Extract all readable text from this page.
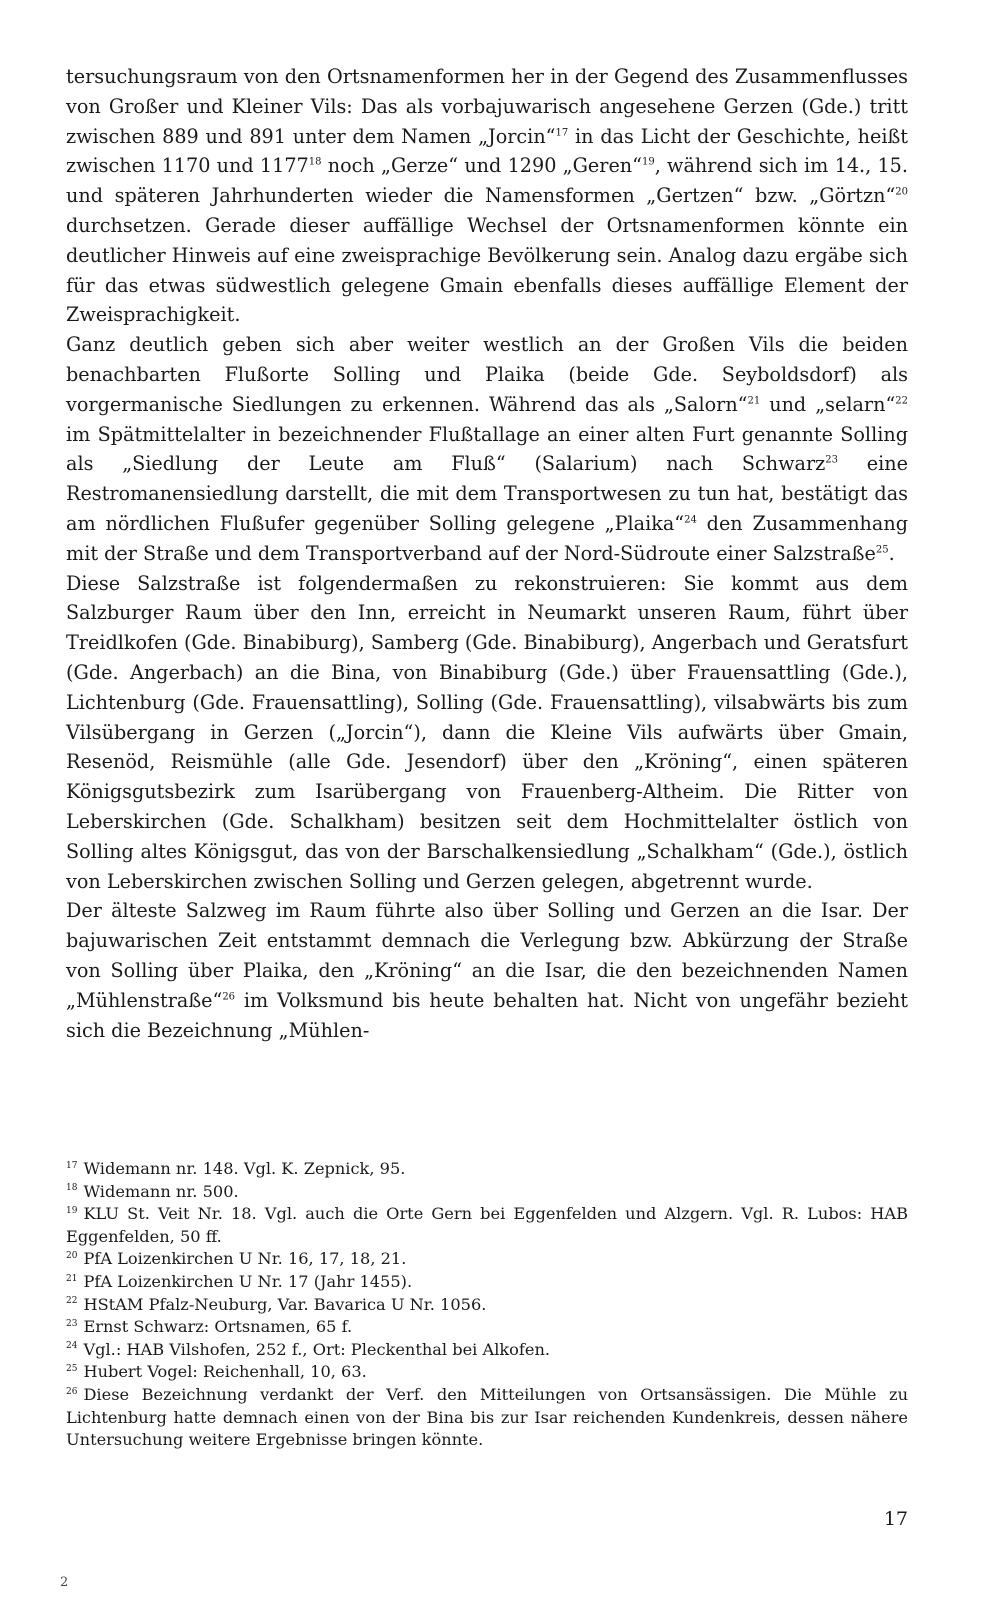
tersuchungsraum von den Ortsnamenformen her in der Gegend des Zusammenflusses von Großer und Kleiner Vils: Das als vorbajuwarisch angesehene Gerzen (Gde.) tritt zwischen 889 und 891 unter dem Namen „Jorcin“$^{17}$ in das Licht der Geschichte, heißt zwischen 1170 und 1177$^{18}$ noch „Gerze“ und 1290 „Geren“$^{19}$, während sich im 14., 15. und späteren Jahrhunderten wieder die Namensformen „Gertzen“ bzw. „Görtzn“$^{20}$ durchsetzen. Gerade dieser auffällige Wechsel der Ortsnamenformen könnte ein deutlicher Hinweis auf eine zweisprachige Bevölkerung sein. Analog dazu ergäbe sich für das etwas südwestlich gelegene Gmain ebenfalls dieses auffällige Element der Zweisprachigkeit.

Ganz deutlich geben sich aber weiter westlich an der Großen Vils die beiden benachbarten Flußorte Solling und Plaika (beide Gde. Seyboldsdorf) als vorgermanische Siedlungen zu erkennen. Während das als „Salorn“$^{21}$ und „selarn“$^{22}$ im Spätmittelalter in bezeichnender Flußtallage an einer alten Furt genannte Solling als „Siedlung der Leute am Fluß“ (Salarium) nach Schwarz$^{23}$ eine Restromanensiedlung darstellt, die mit dem Transportwesen zu tun hat, bestätigt das am nördlichen Flußufer gegenüber Solling gelegene „Plaika“$^{24}$ den Zusammenhang mit der Straße und dem Transportverband auf der Nord-Südroute einer Salzstraße$^{25}$.

Diese Salzstraße ist folgendermaßen zu rekonstruieren: Sie kommt aus dem Salzburger Raum über den Inn, erreicht in Neumarkt unseren Raum, führt über Treidlkofen (Gde. Binabiburg), Samberg (Gde. Binabiburg), Angerbach und Geratsfurt (Gde. Angerbach) an die Bina, von Binabiburg (Gde.) über Frauensattling (Gde.), Lichtenburg (Gde. Frauensattling), Solling (Gde. Frauensattling), vilsabwärts bis zum Vilsübergang in Gerzen („Jorcin“), dann die Kleine Vils aufwärts über Gmain, Resenöd, Reismühle (alle Gde. Jesendorf) über den „Kröning“, einen späteren Königsgutsbezirk zum Isarübergang von Frauenberg-Altheim. Die Ritter von Leberskirchen (Gde. Schalkham) besitzen seit dem Hochmittelalter östlich von Solling altes Königsgut, das von der Barschalkensiedlung „Schalkham“ (Gde.), östlich von Leberskirchen zwischen Solling und Gerzen gelegen, abgetrennt wurde.

Der älteste Salzweg im Raum führte also über Solling und Gerzen an die Isar. Der bajuwarischen Zeit entstammt demnach die Verlegung bzw. Abkürzung der Straße von Solling über Plaika, den „Kröning“ an die Isar, die den bezeichnenden Namen „Mühlenstraße“$^{26}$ im Volksmund bis heute behalten hat. Nicht von ungefähr bezieht sich die Bezeichnung „Mühlen-

$^{17}$ Widemann nr. 148. Vgl. K. Zepnick, 95.

$^{18}$ Widemann nr. 500.

$^{19}$ KLU St. Veit Nr. 18. Vgl. auch die Orte Gern bei Eggenfelden und Alzgern. Vgl. R. Lubos: HAB Eggenfelden, 50 ff.

$^{20}$ PfA Loizenkirchen U Nr. 16, 17, 18, 21.

$^{21}$ PfA Loizenkirchen U Nr. 17 (Jahr 1455).

$^{22}$ HStAM Pfalz-Neuburg, Var. Bavarica U Nr. 1056.

$^{23}$ Ernst Schwarz: Ortsnamen, 65 f.

$^{24}$ Vgl.: HAB Vilshofen, 252 f., Ort: Pleckenthal bei Alkofen.

$^{25}$ Hubert Vogel: Reichenhall, 10, 63.

$^{26}$ Diese Bezeichnung verdankt der Verf. den Mitteilungen von Ortsansässigen. Die Mühle zu Lichtenburg hatte demnach einen von der Bina bis zur Isar reichenden Kundenkreis, dessen nähere Untersuchung weitere Ergebnisse bringen könnte.

17
2
